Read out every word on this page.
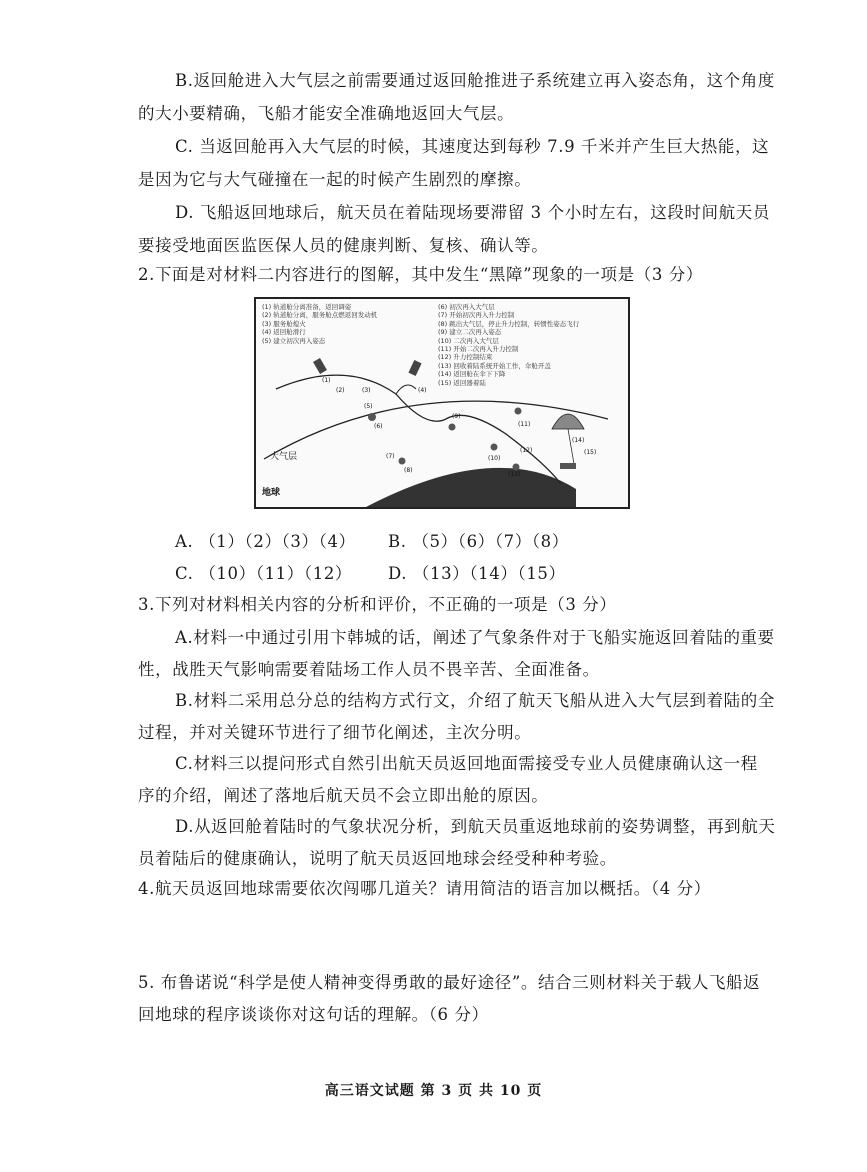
B.返回舱进入大气层之前需要通过返回舱推进子系统建立再入姿态角，这个角度
的大小要精确，飞船才能安全准确地返回大气层。
C. 当返回舱再入大气层的时候，其速度达到每秒 7.9 千米并产生巨大热能，这
是因为它与大气碰撞在一起的时候产生剧烈的摩擦。
D. 飞船返回地球后，航天员在着陆现场要滞留 3 个小时左右，这段时间航天员
要接受地面医监医保人员的健康判断、复核、确认等。
2.下面是对材料二内容进行的图解，其中发生“黑障”现象的一项是（3 分）
(1) 轨道舱分离准备，返回调姿
(2) 轨道舱分离，服务舱点燃返回发动机
(3) 服务舱熄火
(4) 返回舱滑行
(5) 建立初次再入姿态
(6) 初次再入大气层
(7) 开始初次再入升力控制
(8) 跳出大气层，停止升力控制，转惯性姿态飞行
(9) 建立二次再入姿态
(10) 二次再入大气层
(11) 开始二次再入升力控制
(12) 升力控制结束
(13) 回收着陆系统开始工作，伞舱开盖
(14) 返回舱在伞下下降
(15) 返回器着陆
(1)
(2)	(3)	(4)
(5)
(6)
(7)
(8)
(9)
(10)
(11)
(12)
(13)
(14)
(15)
大气层
地球
A. （1）（2）（3）（4） B. （5）（6）（7）（8）
C. （10）（11）（12） D. （13）（14）（15）
3.下列对材料相关内容的分析和评价，不正确的一项是（3 分）
A.材料一中通过引用卞韩城的话，阐述了气象条件对于飞船实施返回着陆的重要
性，战胜天气影响需要着陆场工作人员不畏辛苦、全面准备。
B.材料二采用总分总的结构方式行文，介绍了航天飞船从进入大气层到着陆的全
过程，并对关键环节进行了细节化阐述，主次分明。
C.材料三以提问形式自然引出航天员返回地面需接受专业人员健康确认这一程
序的介绍，阐述了落地后航天员不会立即出舱的原因。
D.从返回舱着陆时的气象状况分析，到航天员重返地球前的姿势调整，再到航天
员着陆后的健康确认，说明了航天员返回地球会经受种种考验。
4.航天员返回地球需要依次闯哪几道关？请用简洁的语言加以概括。（4 分）
5. 布鲁诺说“科学是使人精神变得勇敢的最好途径”。结合三则材料关于载人飞船返
回地球的程序谈谈你对这句话的理解。（6 分）
高三语文试题 第 3 页 共 10 页
